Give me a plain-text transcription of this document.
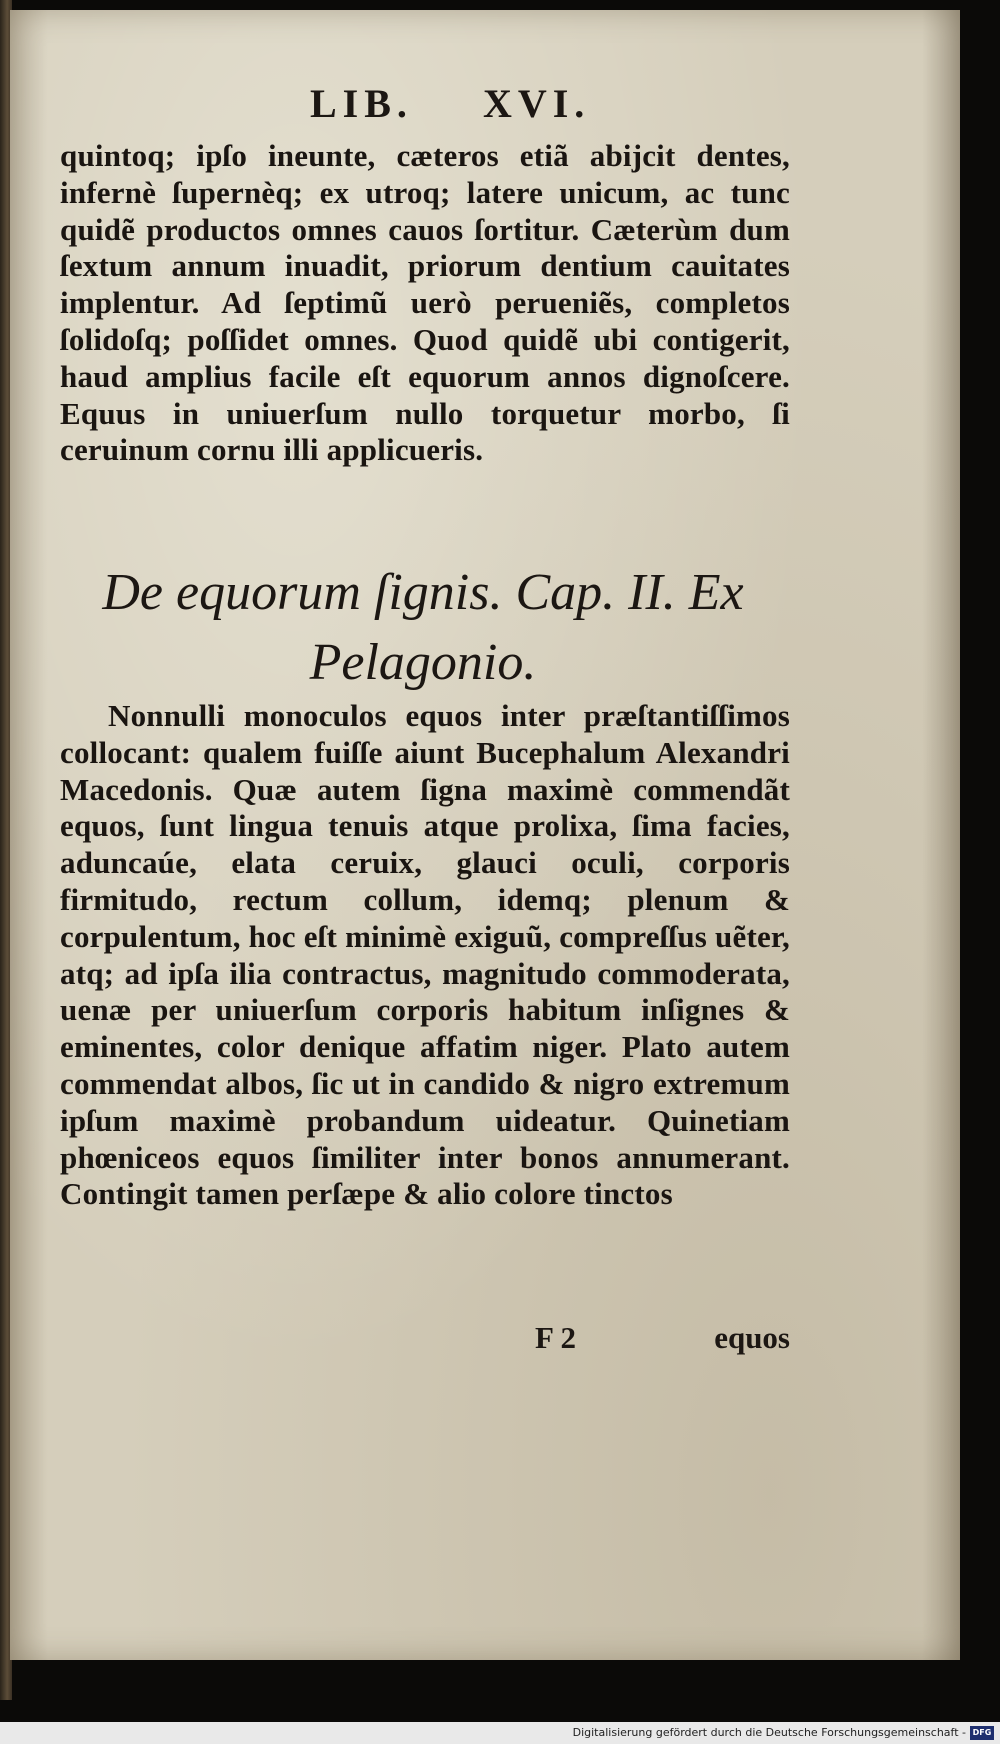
LIB. XVI.
quintoq; ipſo ineunte, cæteros etiã abijcit dentes, infernè ſupernèq; ex utroq; latere unicum, ac tunc quidẽ productos omnes cauos ſortitur. Cæterùm dum ſextum annum inuadit, priorum dentium cauitates implentur. Ad ſeptimũ uerò perueniẽs, completos ſolidoſq; poſſidet omnes. Quod quidẽ ubi contigerit, haud amplius facile eſt equorum annos dignoſcere. Equus in uniuerſum nullo torquetur morbo, ſi ceruinum cornu illi applicueris.
De equorum ſignis. Cap. II. Ex Pelagonio.
Nonnulli monoculos equos inter præſtantiſſimos collocant: qualem fuiſſe aiunt Bucephalum Alexandri Macedonis. Quæ autem ſigna maximè commendãt equos, ſunt lingua tenuis atque prolixa, ſima facies, aduncaúe, elata ceruix, glauci oculi, corporis firmitudo, rectum collum, idemq; plenum & corpulentum, hoc eſt minimè exiguũ, compreſſus uẽter, atq; ad ipſa ilia contractus, magnitudo commoderata, uenæ per uniuerſum corporis habitum inſignes & eminentes, color denique affatim niger. Plato autem commendat albos, ſic ut in candido & nigro extremum ipſum maximè probandum uideatur. Quinetiam phœniceos equos ſimiliter inter bonos annumerant. Contingit tamen perſæpe & alio colore tinctos
F 2	equos
Digitalisierung gefördert durch die Deutsche Forschungsgemeinschaft - DFG
